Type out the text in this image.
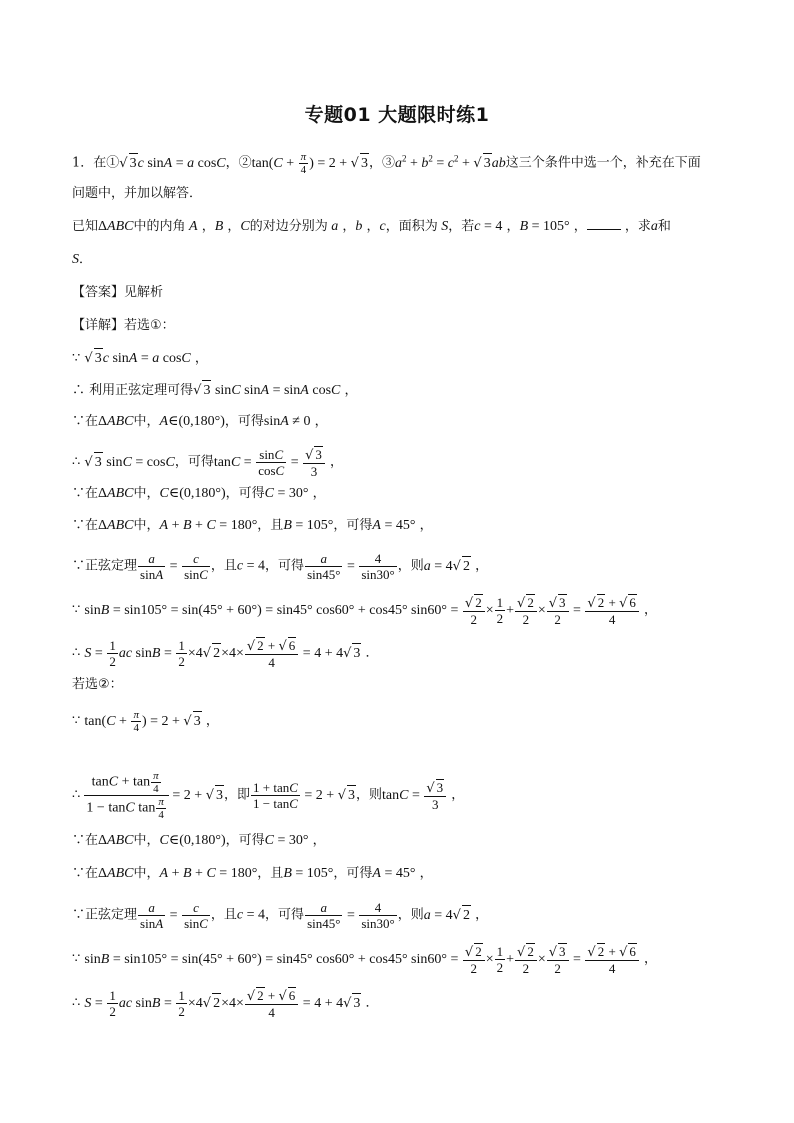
专题01 大题限时练1
1．在①√ 3c sinA = a cosC，②tan(C + $\frac{\pi}{4}$ ) = 2 + √ 3，$③a^2 + b^2 = c^2$ + √ 3ab这三个条件中选一个，补充在下面
问题中，并加以解答．
已知ΔABC中的内角 A ，B ，C的对边分别为 a ，b ，c，面积为 S，若c = 4 ，B = 105° ，	，求a和
S．
【答案】见解析
【详解】若选①：
∵ √ 3c sinA = a cosC ，
∴ 利用正弦定理可得√ 3 sinC sinA = sinA cosC ，
∵在ΔABC中，A∈(0,180°)，可得sinA ≠ 0 ，
∴ √ 3 sinC = cosC，可得$\tan C = \frac{\sin C}{\cos C} = \frac{√ 3}{3}$ ，
∵在ΔABC中，C∈(0,180°)，可得C = 30° ，
∵在ΔABC中，A + B + C = 180°，且B = 105°，可得A = 45° ，
∵正弦定理 $\frac{a}{\sin A} = \frac{c}{\sin C}$ ，且c = 4，可得 $\frac{a}{\sin 45^\circ} = \frac{4}{\sin 30^\circ}$ ，则a = 4√ 2 ，
∵ sinB = sin105° = sin(45° + 60°) = sin45° cos60° + cos45° $\sin 60^\circ = \frac{√ 2}{2} \times \frac{1}{2} + \frac{√ 2}{2} \times \frac{√ 3}{2} = \frac{√ 2 + √ 6}{4}$ ，
∴ $S = \frac{1}{2}$ ac $\sin B = \frac{1}{2} \times 4√$ $2\times 4\times \frac{√ 2 + √ 6}{4} = 4 + 4√$ 3 ．
若选②：
∵ $\tan(C + \frac{\pi}{4}$ ) = 2 + √ 3 ，
∴ $\frac{\tan C + \tan \frac{\pi}{4}}{1 - \tan C \tan \frac{\pi}{4}} = 2$ + √ 3，即 $\frac{1 + \tan C}{1 - \tan C} = 2$ + √ 3，则$\tan C = \frac{√ 3}{3}$ ，
∵在ΔABC中，C∈(0,180°)，可得C = 30° ，
∵在ΔABC中，A + B + C = 180°，且B = 105°，可得A = 45° ，
∵正弦定理 $\frac{a}{\sin A} = \frac{c}{\sin C}$ ，且c = 4，可得 $\frac{a}{\sin 45^\circ} = \frac{4}{\sin 30^\circ}$ ，则a = 4√ 2 ，
∵ sinB = sin105° = sin(45° + 60°) = sin45° cos60° + cos45° $\sin 60^\circ = \frac{√ 2}{2} \times \frac{1}{2} + \frac{√ 2}{2} \times \frac{√ 3}{2} = \frac{√ 2 + √ 6}{4}$ ，
∴ $S = \frac{1}{2}$ ac $\sin B = \frac{1}{2} \times 4√$ $2\times 4\times \frac{√ 2 + √ 6}{4} = 4 + 4√$ 3 ．
